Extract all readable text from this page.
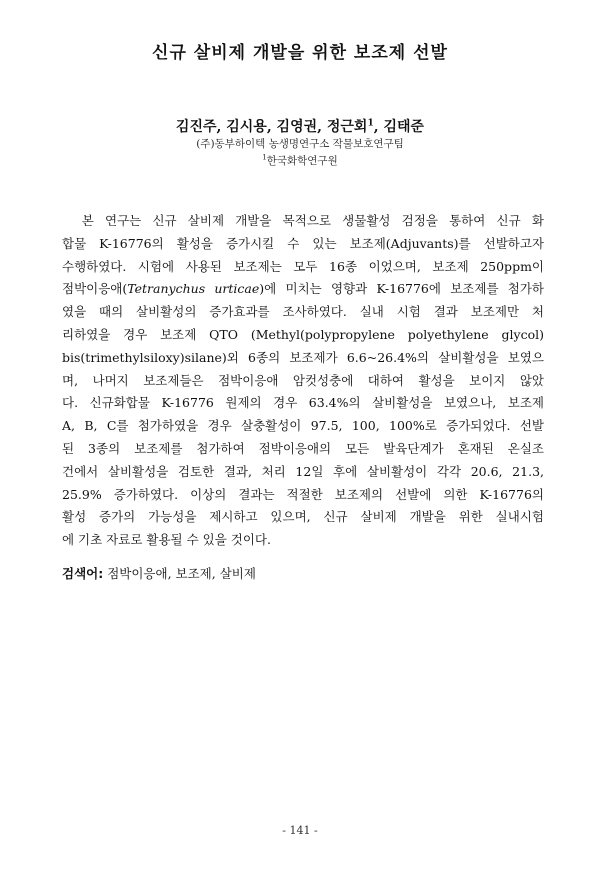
신규 살비제 개발을 위한 보조제 선발
김진주, 김시용, 김영권, 정근회$^1$, 김태준
(주)동부하이텍 농생명연구소 작물보호연구팀
$^1$한국화학연구원
　본 연구는 신규 살비제 개발을 목적으로 생물활성 검정을 통하여 신규 화
합물 K-16776의 활성을 증가시킬 수 있는 보조제(Adjuvants)를 선발하고자
수행하였다. 시험에 사용된 보조제는 모두 16종 이었으며, 보조제 250ppm이
점박이응애(Tetranychus urticae)에 미치는 영향과 K-16776에 보조제를 첨가하
였을 때의 살비활성의 증가효과를 조사하였다. 실내 시험 결과 보조제만 처
리하였을 경우 보조제 QTO (Methyl(polypropylene polyethylene glycol)
bis(trimethylsiloxy)silane)외 6종의 보조제가 6.6~26.4%의 살비활성을 보였으
며, 나머지 보조제들은 점박이응애 암컷성충에 대하여 활성을 보이지 않았
다. 신규화합물 K-16776 원제의 경우 63.4%의 살비활성을 보였으나, 보조제
A, B, C를 첨가하였을 경우 살충활성이 97.5, 100, 100%로 증가되었다. 선발
된 3종의 보조제를 첨가하여 점박이응애의 모든 발육단계가 혼재된 온실조
건에서 살비활성을 검토한 결과, 처리 12일 후에 살비활성이 각각 20.6, 21.3,
25.9% 증가하였다. 이상의 결과는 적절한 보조제의 선발에 의한 K-16776의
활성 증가의 가능성을 제시하고 있으며, 신규 살비제 개발을 위한 실내시험
에 기초 자료로 활용될 수 있을 것이다.
검색어: 점박이응애, 보조제, 살비제
- 141 -
